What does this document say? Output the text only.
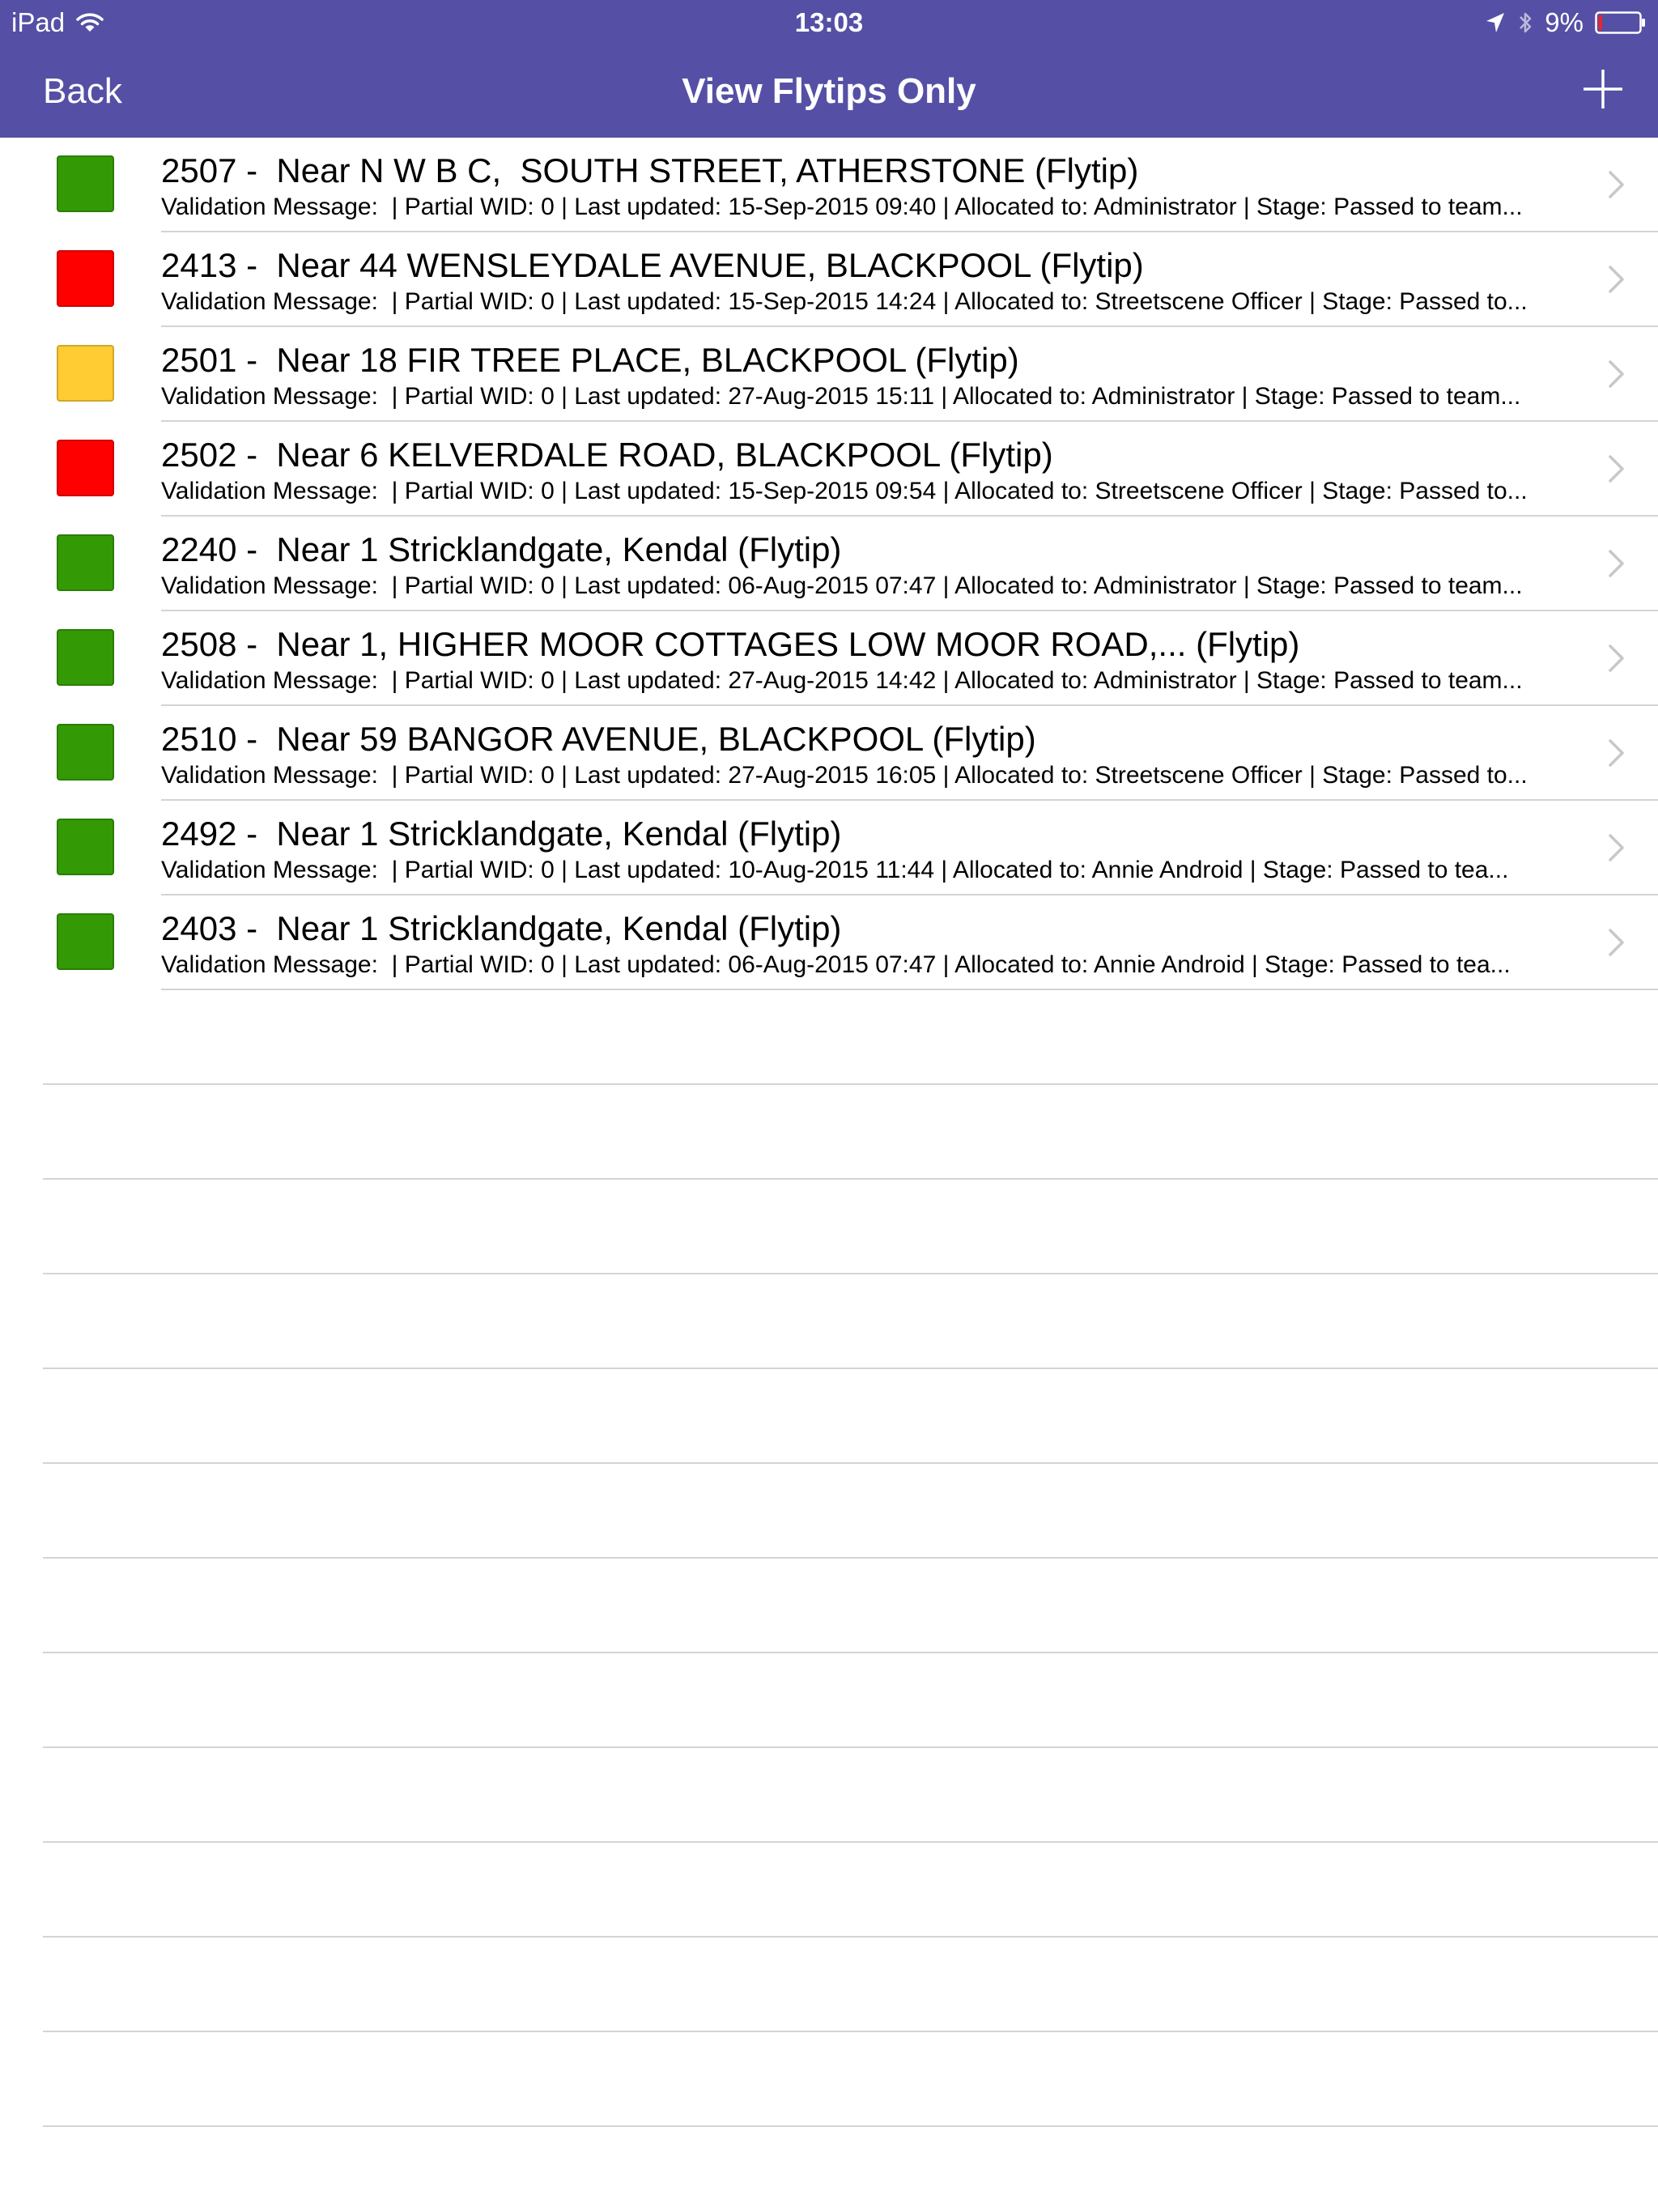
iPad	13:03	9%
Back	View Flytips Only
2507 -  Near N W B C,  SOUTH STREET, ATHERSTONE (Flytip)
Validation Message:  | Partial WID: 0 | Last updated: 15-Sep-2015 09:40 | Allocated to: Administrator | Stage: Passed to team...
2413 -  Near 44 WENSLEYDALE AVENUE, BLACKPOOL (Flytip)
Validation Message:  | Partial WID: 0 | Last updated: 15-Sep-2015 14:24 | Allocated to: Streetscene Officer | Stage: Passed to...
2501 -  Near 18 FIR TREE PLACE, BLACKPOOL (Flytip)
Validation Message:  | Partial WID: 0 | Last updated: 27-Aug-2015 15:11 | Allocated to: Administrator | Stage: Passed to team...
2502 -  Near 6 KELVERDALE ROAD, BLACKPOOL (Flytip)
Validation Message:  | Partial WID: 0 | Last updated: 15-Sep-2015 09:54 | Allocated to: Streetscene Officer | Stage: Passed to...
2240 -  Near 1 Stricklandgate, Kendal (Flytip)
Validation Message:  | Partial WID: 0 | Last updated: 06-Aug-2015 07:47 | Allocated to: Administrator | Stage: Passed to team...
2508 -  Near 1, HIGHER MOOR COTTAGES LOW MOOR ROAD,... (Flytip)
Validation Message:  | Partial WID: 0 | Last updated: 27-Aug-2015 14:42 | Allocated to: Administrator | Stage: Passed to team...
2510 -  Near 59 BANGOR AVENUE, BLACKPOOL (Flytip)
Validation Message:  | Partial WID: 0 | Last updated: 27-Aug-2015 16:05 | Allocated to: Streetscene Officer | Stage: Passed to...
2492 -  Near 1 Stricklandgate, Kendal (Flytip)
Validation Message:  | Partial WID: 0 | Last updated: 10-Aug-2015 11:44 | Allocated to: Annie Android | Stage: Passed to tea...
2403 -  Near 1 Stricklandgate, Kendal (Flytip)
Validation Message:  | Partial WID: 0 | Last updated: 06-Aug-2015 07:47 | Allocated to: Annie Android | Stage: Passed to tea...
